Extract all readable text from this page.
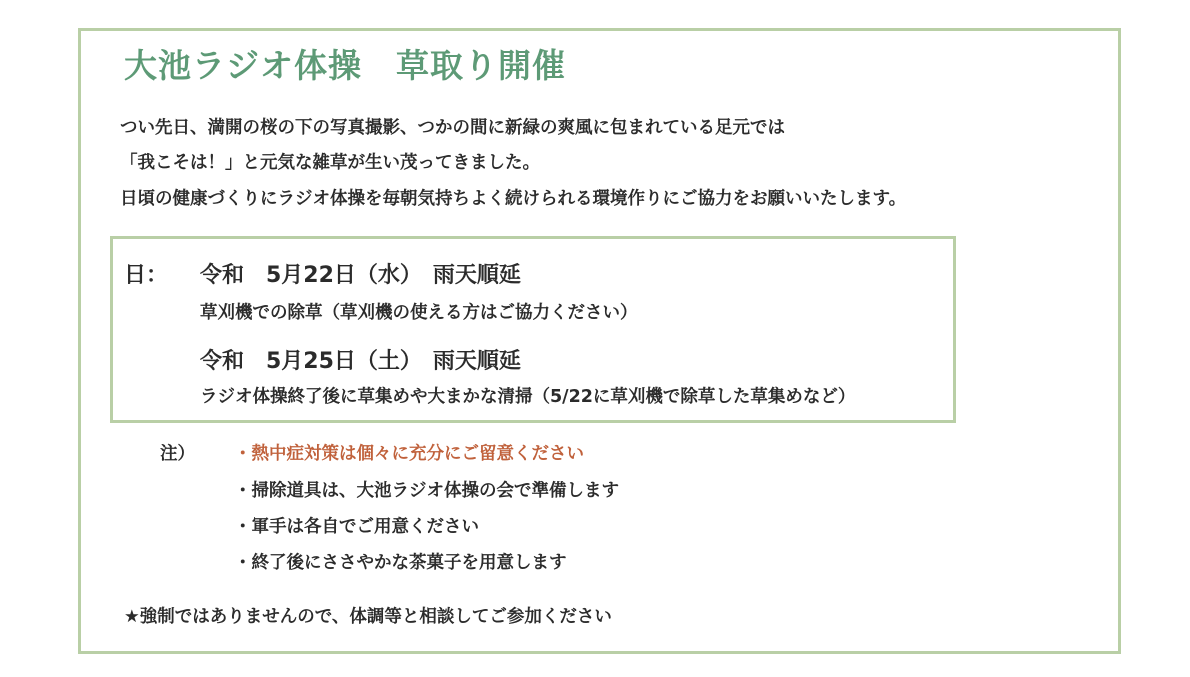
大池ラジオ体操　草取り開催
つい先日、満開の桜の下の写真撮影、つかの間に新緑の爽風に包まれている足元では
「我こそは！」と元気な雑草が生い茂ってきました。
日頃の健康づくりにラジオ体操を毎朝気持ちよく続けられる環境作りにご協力をお願いいたします。
日： 令和　5月22日（水）　雨天順延
草刈機での除草（草刈機の使える方はご協力ください）
令和　5月25日（土）　雨天順延
ラジオ体操終了後に草集めや大まかな清掃（5/22に草刈機で除草した草集めなど）
注） ・熱中症対策は個々に充分にご留意ください
・掃除道具は、大池ラジオ体操の会で準備します
・軍手は各自でご用意ください
・終了後にささやかな茶菓子を用意します
★強制ではありませんので、体調等と相談してご参加ください
